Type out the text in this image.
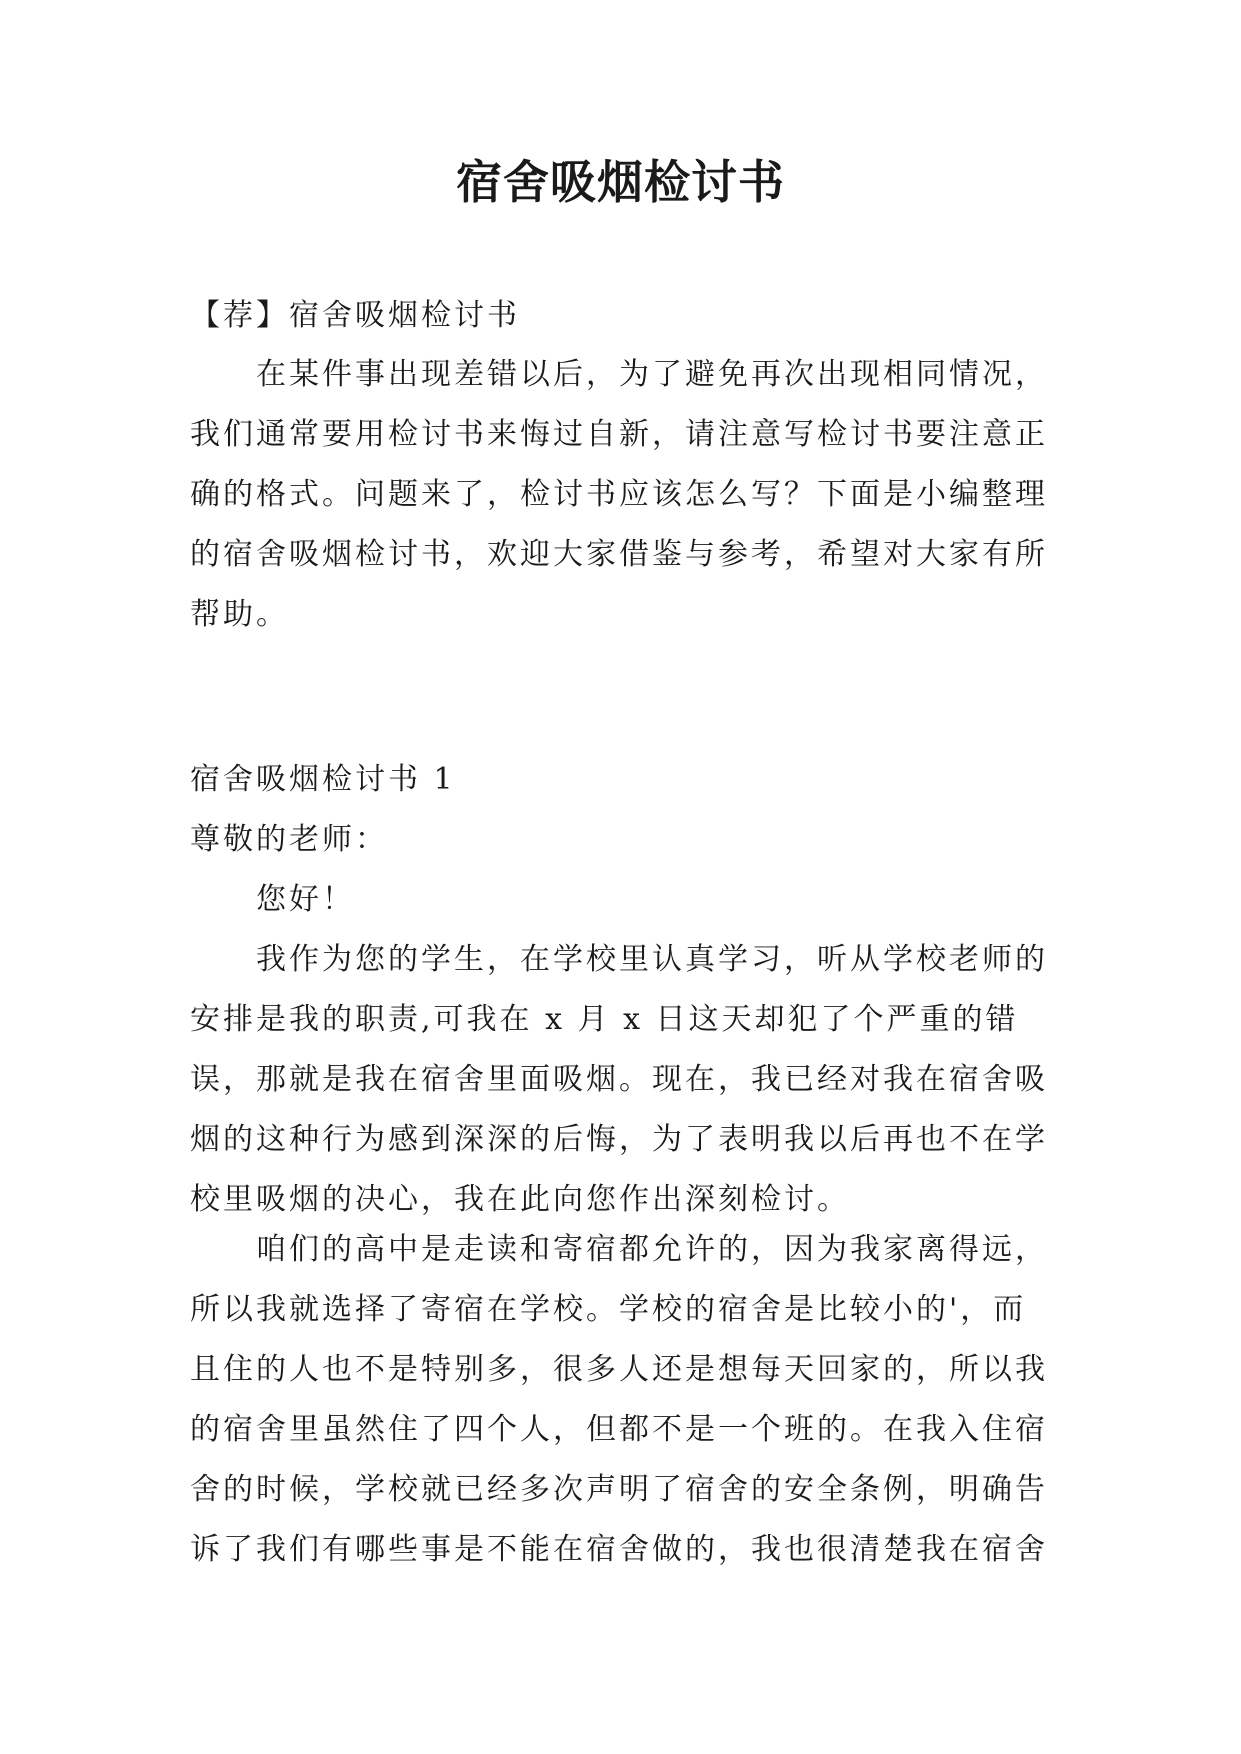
宿舍吸烟检讨书

【荐】宿舍吸烟检讨书

在某件事出现差错以后，为了避免再次出现相同情况，我们通常要用检讨书来悔过自新，请注意写检讨书要注意正确的格式。问题来了，检讨书应该怎么写？下面是小编整理的宿舍吸烟检讨书，欢迎大家借鉴与参考，希望对大家有所帮助。

宿舍吸烟检讨书 1

尊敬的老师：

您好！

我作为您的学生，在学校里认真学习，听从学校老师的安排是我的职责,可我在 x 月 x 日这天却犯了个严重的错误，那就是我在宿舍里面吸烟。现在，我已经对我在宿舍吸烟的这种行为感到深深的后悔，为了表明我以后再也不在学校里吸烟的决心，我在此向您作出深刻检讨。

咱们的高中是走读和寄宿都允许的，因为我家离得远，所以我就选择了寄宿在学校。学校的宿舍是比较小的'，而且住的人也不是特别多，很多人还是想每天回家的，所以我的宿舍里虽然住了四个人，但都不是一个班的。在我入住宿舍的时候，学校就已经多次声明了宿舍的安全条例，明确告诉了我们有哪些事是不能在宿舍做的，我也很清楚我在宿舍
